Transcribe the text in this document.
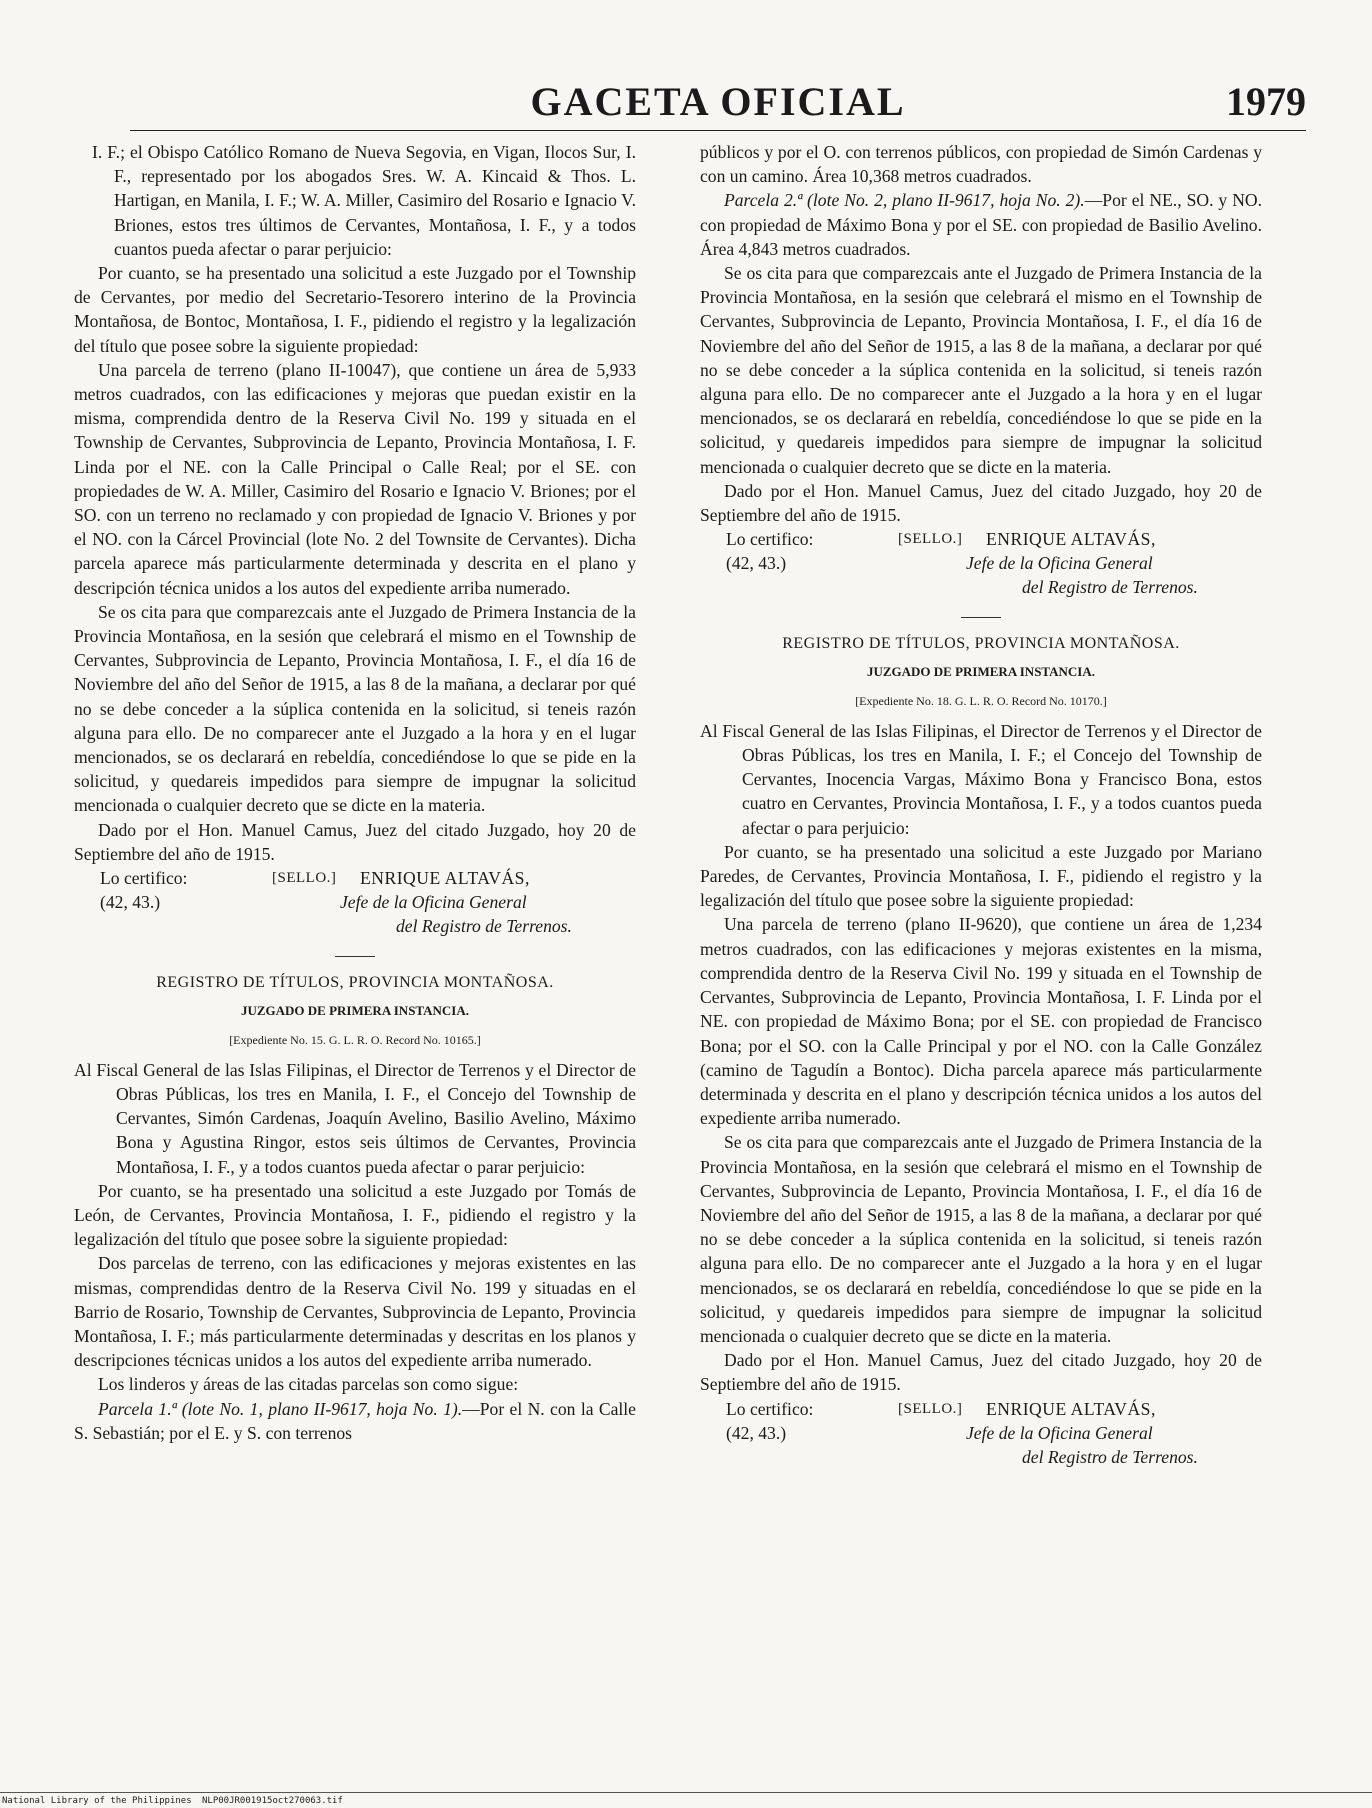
GACETA OFICIAL	1979

I. F.; el Obispo Católico Romano de Nueva Segovia, en Vigan, Ilocos Sur, I. F., representado por los abogados Sres. W. A. Kincaid & Thos. L. Hartigan, en Manila, I. F.; W. A. Miller, Casimiro del Rosario e Ignacio V. Briones, estos tres últimos de Cervantes, Montañosa, I. F., y a todos cuantos pueda afectar o parar perjuicio:

Por cuanto, se ha presentado una solicitud a este Juzgado por el Township de Cervantes, por medio del Secretario-Tesorero interino de la Provincia Montañosa, de Bontoc, Montañosa, I. F., pidiendo el registro y la legalización del título que posee sobre la siguiente propiedad:

Una parcela de terreno (plano II-10047), que contiene un área de 5,933 metros cuadrados, con las edificaciones y mejoras que puedan existir en la misma, comprendida dentro de la Reserva Civil No. 199 y situada en el Township de Cervantes, Subprovincia de Lepanto, Provincia Montañosa, I. F. Linda por el NE. con la Calle Principal o Calle Real; por el SE. con propiedades de W. A. Miller, Casimiro del Rosario e Ignacio V. Briones; por el SO. con un terreno no reclamado y con propiedad de Ignacio V. Briones y por el NO. con la Cárcel Provincial (lote No. 2 del Townsite de Cervantes). Dicha parcela aparece más particularmente determinada y descrita en el plano y descripción técnica unidos a los autos del expediente arriba numerado.

Se os cita para que comparezcais ante el Juzgado de Primera Instancia de la Provincia Montañosa, en la sesión que celebrará el mismo en el Township de Cervantes, Subprovincia de Lepanto, Provincia Montañosa, I. F., el día 16 de Noviembre del año del Señor de 1915, a las 8 de la mañana, a declarar por qué no se debe conceder a la súplica contenida en la solicitud, si teneis razón alguna para ello. De no comparecer ante el Juzgado a la hora y en el lugar mencionados, se os declarará en rebeldía, concediéndose lo que se pide en la solicitud, y quedareis impedidos para siempre de impugnar la solicitud mencionada o cualquier decreto que se dicte en la materia.

Dado por el Hon. Manuel Camus, Juez del citado Juzgado, hoy 20 de Septiembre del año de 1915.

Lo certifico:	[SELLO.] ENRIQUE ALTAVÁS,
(42, 43.)	Jefe de la Oficina General
del Registro de Terrenos.

REGISTRO DE TÍTULOS, PROVINCIA MONTAÑOSA.

JUZGADO DE PRIMERA INSTANCIA.

[Expediente No. 15. G. L. R. O. Record No. 10165.]

Al Fiscal General de las Islas Filipinas, el Director de Terrenos y el Director de Obras Públicas, los tres en Manila, I. F., el Concejo del Township de Cervantes, Simón Cardenas, Joaquín Avelino, Basilio Avelino, Máximo Bona y Agustina Ringor, estos seis últimos de Cervantes, Provincia Montañosa, I. F., y a todos cuantos pueda afectar o parar perjuicio:

Por cuanto, se ha presentado una solicitud a este Juzgado por Tomás de León, de Cervantes, Provincia Montañosa, I. F., pidiendo el registro y la legalización del título que posee sobre la siguiente propiedad:

Dos parcelas de terreno, con las edificaciones y mejoras existentes en las mismas, comprendidas dentro de la Reserva Civil No. 199 y situadas en el Barrio de Rosario, Township de Cervantes, Subprovincia de Lepanto, Provincia Montañosa, I. F.; más particularmente determinadas y descritas en los planos y descripciones técnicas unidos a los autos del expediente arriba numerado.

Los linderos y áreas de las citadas parcelas son como sigue:

Parcela 1.ª (lote No. 1, plano II-9617, hoja No. 1).—Por el N. con la Calle S. Sebastián; por el E. y S. con terrenos

públicos y por el O. con terrenos públicos, con propiedad de Simón Cardenas y con un camino. Área 10,368 metros cuadrados.

Parcela 2.ª (lote No. 2, plano II-9617, hoja No. 2).—Por el NE., SO. y NO. con propiedad de Máximo Bona y por el SE. con propiedad de Basilio Avelino. Área 4,843 metros cuadrados.

Se os cita para que comparezcais ante el Juzgado de Primera Instancia de la Provincia Montañosa, en la sesión que celebrará el mismo en el Township de Cervantes, Subprovincia de Lepanto, Provincia Montañosa, I. F., el día 16 de Noviembre del año del Señor de 1915, a las 8 de la mañana, a declarar por qué no se debe conceder a la súplica contenida en la solicitud, si teneis razón alguna para ello. De no comparecer ante el Juzgado a la hora y en el lugar mencionados, se os declarará en rebeldía, concediéndose lo que se pide en la solicitud, y quedareis impedidos para siempre de impugnar la solicitud mencionada o cualquier decreto que se dicte en la materia.

Dado por el Hon. Manuel Camus, Juez del citado Juzgado, hoy 20 de Septiembre del año de 1915.

Lo certifico:	[SELLO.] ENRIQUE ALTAVÁS,
(42, 43.)	Jefe de la Oficina General
del Registro de Terrenos.

REGISTRO DE TÍTULOS, PROVINCIA MONTAÑOSA.

JUZGADO DE PRIMERA INSTANCIA.

[Expediente No. 18. G. L. R. O. Record No. 10170.]

Al Fiscal General de las Islas Filipinas, el Director de Terrenos y el Director de Obras Públicas, los tres en Manila, I. F.; el Concejo del Township de Cervantes, Inocencia Vargas, Máximo Bona y Francisco Bona, estos cuatro en Cervantes, Provincia Montañosa, I. F., y a todos cuantos pueda afectar o para perjuicio:

Por cuanto, se ha presentado una solicitud a este Juzgado por Mariano Paredes, de Cervantes, Provincia Montañosa, I. F., pidiendo el registro y la legalización del título que posee sobre la siguiente propiedad:

Una parcela de terreno (plano II-9620), que contiene un área de 1,234 metros cuadrados, con las edificaciones y mejoras existentes en la misma, comprendida dentro de la Reserva Civil No. 199 y situada en el Township de Cervantes, Subprovincia de Lepanto, Provincia Montañosa, I. F. Linda por el NE. con propiedad de Máximo Bona; por el SE. con propiedad de Francisco Bona; por el SO. con la Calle Principal y por el NO. con la Calle González (camino de Tagudín a Bontoc). Dicha parcela aparece más particularmente determinada y descrita en el plano y descripción técnica unidos a los autos del expediente arriba numerado.

Se os cita para que comparezcais ante el Juzgado de Primera Instancia de la Provincia Montañosa, en la sesión que celebrará el mismo en el Township de Cervantes, Subprovincia de Lepanto, Provincia Montañosa, I. F., el día 16 de Noviembre del año del Señor de 1915, a las 8 de la mañana, a declarar por qué no se debe conceder a la súplica contenida en la solicitud, si teneis razón alguna para ello. De no comparecer ante el Juzgado a la hora y en el lugar mencionados, se os declarará en rebeldía, concediéndose lo que se pide en la solicitud, y quedareis impedidos para siempre de impugnar la solicitud mencionada o cualquier decreto que se dicte en la materia.

Dado por el Hon. Manuel Camus, Juez del citado Juzgado, hoy 20 de Septiembre del año de 1915.

Lo certifico:	[SELLO.] ENRIQUE ALTAVÁS,
(42, 43.)	Jefe de la Oficina General
del Registro de Terrenos.
National Library of the Philippines NLP00JR001915oct270063.tif
